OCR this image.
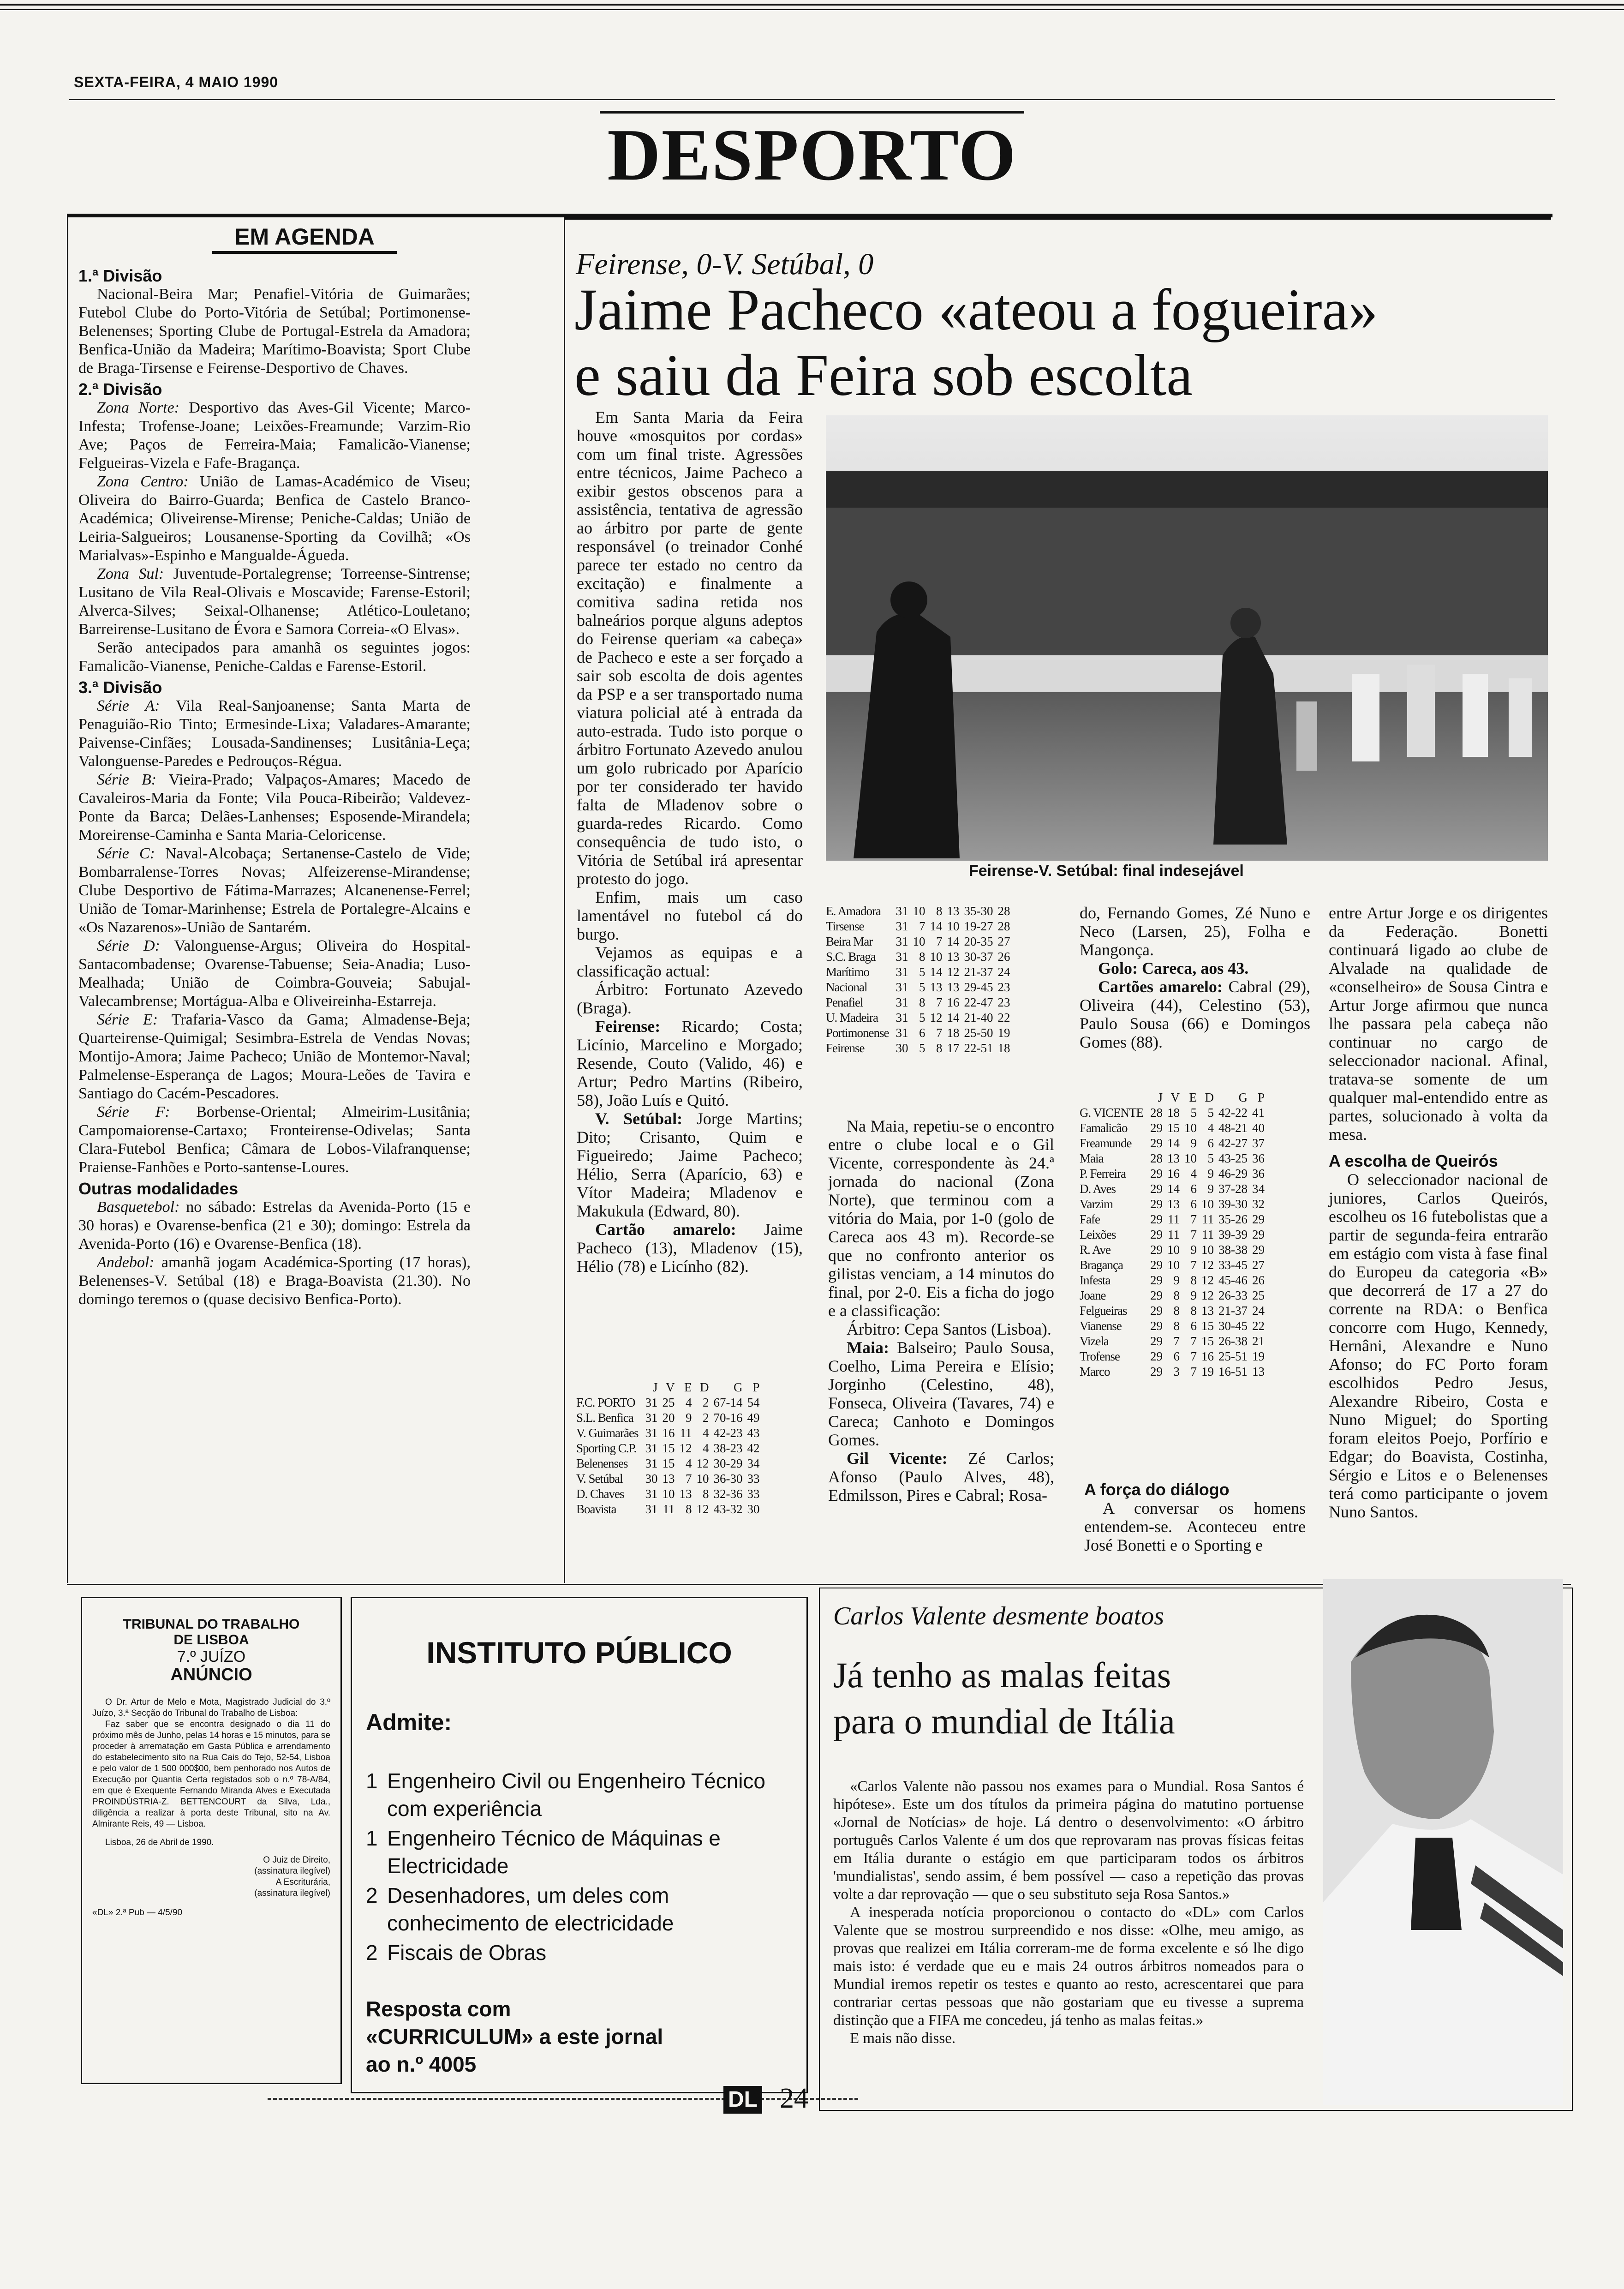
SEXTA-FEIRA, 4 MAIO 1990
DESPORTO
EM AGENDA

1.ª Divisão

Nacional-Beira Mar; Penafiel-Vitória de Guimarães; Futebol Clube do Porto-Vitória de Setúbal; Portimonense-Belenenses; Sporting Clube de Portugal-Estrela da Amadora; Benfica-União da Madeira; Marítimo-Boavista; Sport Clube de Braga-Tirsense e Feirense-Desportivo de Chaves.

2.ª Divisão

Zona Norte: Desportivo das Aves-Gil Vicente; Marco-Infesta; Trofense-Joane; Leixões-Freamunde; Varzim-Rio Ave; Paços de Ferreira-Maia; Famalicão-Vianense; Felgueiras-Vizela e Fafe-Bragança.

Zona Centro: União de Lamas-Académico de Viseu; Oliveira do Bairro-Guarda; Benfica de Castelo Branco-Académica; Oliveirense-Mirense; Peniche-Caldas; União de Leiria-Salgueiros; Lousanense-Sporting da Covilhã; «Os Marialvas»-Espinho e Mangualde-Águeda.

Zona Sul: Juventude-Portalegrense; Torreense-Sintrense; Lusitano de Vila Real-Olivais e Moscavide; Farense-Estoril; Alverca-Silves; Seixal-Olhanense; Atlético-Louletano; Barreirense-Lusitano de Évora e Samora Correia-«O Elvas».

Serão antecipados para amanhã os seguintes jogos: Famalicão-Vianense, Peniche-Caldas e Farense-Estoril.

3.ª Divisão

Série A: Vila Real-Sanjoanense; Santa Marta de Penaguião-Rio Tinto; Ermesinde-Lixa; Valadares-Amarante; Paivense-Cinfães; Lousada-Sandinenses; Lusitânia-Leça; Valonguense-Paredes e Pedrouços-Régua.

Série B: Vieira-Prado; Valpaços-Amares; Macedo de Cavaleiros-Maria da Fonte; Vila Pouca-Ribeirão; Valdevez-Ponte da Barca; Delães-Lanhenses; Esposende-Mirandela; Moreirense-Caminha e Santa Maria-Celoricense.

Série C: Naval-Alcobaça; Sertanense-Castelo de Vide; Bombarralense-Torres Novas; Alfeizerense-Mirandense; Clube Desportivo de Fátima-Marrazes; Alcanenense-Ferrel; União de Tomar-Marinhense; Estrela de Portalegre-Alcains e «Os Nazarenos»-União de Santarém.

Série D: Valonguense-Argus; Oliveira do Hospital-Santacombadense; Ovarense-Tabuense; Seia-Anadia; Luso-Mealhada; União de Coimbra-Gouveia; Sabujal-Valecambrense; Mortágua-Alba e Oliveireinha-Estarreja.

Série E: Trafaria-Vasco da Gama; Almadense-Beja; Quarteirense-Quimigal; Sesimbra-Estrela de Vendas Novas; Montijo-Amora; Jaime Pacheco; União de Montemor-Naval; Palmelense-Esperança de Lagos; Moura-Leões de Tavira e Santiago do Cacém-Pescadores.

Série F: Borbense-Oriental; Almeirim-Lusitânia; Campomaiorense-Cartaxo; Fronteirense-Odivelas; Santa Clara-Futebol Benfica; Câmara de Lobos-Vilafranquense; Praiense-Fanhões e Porto-santense-Loures.

Outras modalidades

Basquetebol: no sábado: Estrelas da Avenida-Porto (15 e 30 horas) e Ovarense-benfica (21 e 30); domingo: Estrela da Avenida-Porto (16) e Ovarense-Benfica (18).

Andebol: amanhã jogam Académica-Sporting (17 horas), Belenenses-V. Setúbal (18) e Braga-Boavista (21.30). No domingo teremos o (quase decisivo Benfica-Porto).

Feirense, 0-V. Setúbal, 0
Jaime Pacheco «ateou a fogueira»
e saiu da Feira sob escolta

Em Santa Maria da Feira houve «mosquitos por cordas» com um final triste. Agressões entre técnicos, Jaime Pacheco a exibir gestos obscenos para a assistência, tentativa de agressão ao árbitro por parte de gente responsável (o treinador Conhé parece ter estado no centro da excitação) e finalmente a comitiva sadina retida nos balneários porque alguns adeptos do Feirense queriam «a cabeça» de Pacheco e este a ser forçado a sair sob escolta de dois agentes da PSP e a ser transportado numa viatura policial até à entrada da auto-estrada. Tudo isto porque o árbitro Fortunato Azevedo anulou um golo rubricado por Aparício por ter considerado ter havido falta de Mladenov sobre o guarda-redes Ricardo. Como consequência de tudo isto, o Vitória de Setúbal irá apresentar protesto do jogo.

Enfim, mais um caso lamentável no futebol cá do burgo.

Vejamos as equipas e a classificação actual:

Árbitro: Fortunato Azevedo (Braga).

Feirense: Ricardo; Costa; Licínio, Marcelino e Morgado; Resende, Couto (Valido, 46) e Artur; Pedro Martins (Ribeiro, 58), João Luís e Quitó.

V. Setúbal: Jorge Martins; Dito; Crisanto, Quim e Figueiredo; Jaime Pacheco; Hélio, Serra (Aparício, 63) e Vítor Madeira; Mladenov e Makukula (Edward, 80).

Cartão amarelo: Jaime Pacheco (13), Mladenov (15), Hélio (78) e Licínho (82).

	J	V	E	D	G	P
F.C. PORTO	31	25	4	2	67-14	54
S.L. Benfica	31	20	9	2	70-16	49
V. Guimarães	31	16	11	4	42-23	43
Sporting C.P.	31	15	12	4	38-23	42
Belenenses	31	15	4	12	30-29	34
V. Setúbal	30	13	7	10	36-30	33
D. Chaves	31	10	13	8	32-36	33
Boavista	31	11	8	12	43-32	30
Feirense-V. Setúbal: final indesejável
E. Amadora	31	10	8	13	35-30	28
Tirsense	31	7	14	10	19-27	28
Beira Mar	31	10	7	14	20-35	27
S.C. Braga	31	8	10	13	30-37	26
Marítimo	31	5	14	12	21-37	24
Nacional	31	5	13	13	29-45	23
Penafiel	31	8	7	16	22-47	23
U. Madeira	31	5	12	14	21-40	22
Portimonense	31	6	7	18	25-50	19
Feirense	30	5	8	17	22-51	18

Na Maia, repetiu-se o encontro entre o clube local e o Gil Vicente, correspondente às 24.ª jornada do nacional (Zona Norte), que terminou com a vitória do Maia, por 1-0 (golo de Careca aos 43 m). Recorde-se que no confronto anterior os gilistas venciam, a 14 minutos do final, por 2-0. Eis a ficha do jogo e a classificação:

Árbitro: Cepa Santos (Lisboa).

Maia: Balseiro; Paulo Sousa, Coelho, Lima Pereira e Elísio; Jorginho (Celestino, 48), Fonseca, Oliveira (Tavares, 74) e Careca; Canhoto e Domingos Gomes.

Gil Vicente: Zé Carlos; Afonso (Paulo Alves, 48), Edmilsson, Pires e Cabral; Rosa-

do, Fernando Gomes, Zé Nuno e Neco (Larsen, 25), Folha e Mangonça.

Golo: Careca, aos 43.

Cartões amarelo: Cabral (29), Oliveira (44), Celestino (53), Paulo Sousa (66) e Domingos Gomes (88).

	J	V	E	D	G	P
G. VICENTE	28	18	5	5	42-22	41
Famalicão	29	15	10	4	48-21	40
Freamunde	29	14	9	6	42-27	37
Maia	28	13	10	5	43-25	36
P. Ferreira	29	16	4	9	46-29	36
D. Aves	29	14	6	9	37-28	34
Varzim	29	13	6	10	39-30	32
Fafe	29	11	7	11	35-26	29
Leixões	29	11	7	11	39-39	29
R. Ave	29	10	9	10	38-38	29
Bragança	29	10	7	12	33-45	27
Infesta	29	9	8	12	45-46	26
Joane	29	8	9	12	26-33	25
Felgueiras	29	8	8	13	21-37	24
Vianense	29	8	6	15	30-45	22
Vizela	29	7	7	15	26-38	21
Trofense	29	6	7	16	25-51	19
Marco	29	3	7	19	16-51	13

A força do diálogo

A conversar os homens entendem-se. Aconteceu entre José Bonetti e o Sporting e

entre Artur Jorge e os dirigentes da Federação. Bonetti continuará ligado ao clube de Alvalade na qualidade de «conselheiro» de Sousa Cintra e Artur Jorge afirmou que nunca lhe passara pela cabeça não continuar no cargo de seleccionador nacional. Afinal, tratava-se somente de um qualquer mal-entendido entre as partes, solucionado à volta da mesa.

A escolha de Queirós

O seleccionador nacional de juniores, Carlos Queirós, escolheu os 16 futebolistas que a partir de segunda-feira entrarão em estágio com vista à fase final do Europeu da categoria «B» que decorrerá de 17 a 27 do corrente na RDA: o Benfica concorre com Hugo, Kennedy, Hernâni, Alexandre e Nuno Afonso; do FC Porto foram escolhidos Pedro Jesus, Alexandre Ribeiro, Costa e Nuno Miguel; do Sporting foram eleitos Poejo, Porfírio e Edgar; do Boavista, Costinha, Sérgio e Litos e o Belenenses terá como participante o jovem Nuno Santos.

TRIBUNAL DO TRABALHO
DE LISBOA
7.º JUÍZO
ANÚNCIO

O Dr. Artur de Melo e Mota, Magistrado Judicial do 3.º Juízo, 3.ª Secção do Tribunal do Trabalho de Lisboa:

Faz saber que se encontra designado o dia 11 do próximo mês de Junho, pelas 14 horas e 15 minutos, para se proceder à arrematação em Gasta Pública e arrendamento do estabelecimento sito na Rua Cais do Tejo, 52-54, Lisboa e pelo valor de 1 500 000$00, bem penhorado nos Autos de Execução por Quantia Certa registados sob o n.º 78-A/84, em que é Exequente Fernando Miranda Alves e Executada PROINDÚSTRIA-Z. BETTENCOURT da Silva, Lda., diligência a realizar à porta deste Tribunal, sito na Av. Almirante Reis, 49 — Lisboa.

Lisboa, 26 de Abril de 1990.

O Juiz de Direito,

(assinatura ilegível)

A Escriturária,

(assinatura ilegível)

«DL» 2.ª Pub — 4/5/90

INSTITUTO PÚBLICO
Admite:
1 Engenheiro Civil ou Engenheiro Técnico com experiência
1 Engenheiro Técnico de Máquinas e Electricidade
2 Desenhadores, um deles com conhecimento de electricidade
2 Fiscais de Obras
Resposta com «CURRICULUM» a este jornal ao n.º 4005
Carlos Valente desmente boatos
Já tenho as malas feitas
para o mundial de Itália

«Carlos Valente não passou nos exames para o Mundial. Rosa Santos é hipótese». Este um dos títulos da primeira página do matutino portuense «Jornal de Notícias» de hoje. Lá dentro o desenvolvimento: «O árbitro português Carlos Valente é um dos que reprovaram nas provas físicas feitas em Itália durante o estágio em que participaram todos os árbitros 'mundialistas', sendo assim, é bem possível — caso a repetição das provas volte a dar reprovação — que o seu substituto seja Rosa Santos.»

A inesperada notícia proporcionou o contacto do «DL» com Carlos Valente que se mostrou surpreendido e nos disse: «Olhe, meu amigo, as provas que realizei em Itália correram-me de forma excelente e só lhe digo mais isto: é verdade que eu e mais 24 outros árbitros nomeados para o Mundial iremos repetir os testes e quanto ao resto, acrescentarei que para contrariar certas pessoas que não gostariam que eu tivesse a suprema distinção que a FIFA me concedeu, já tenho as malas feitas.»

E mais não disse.

DL 24
